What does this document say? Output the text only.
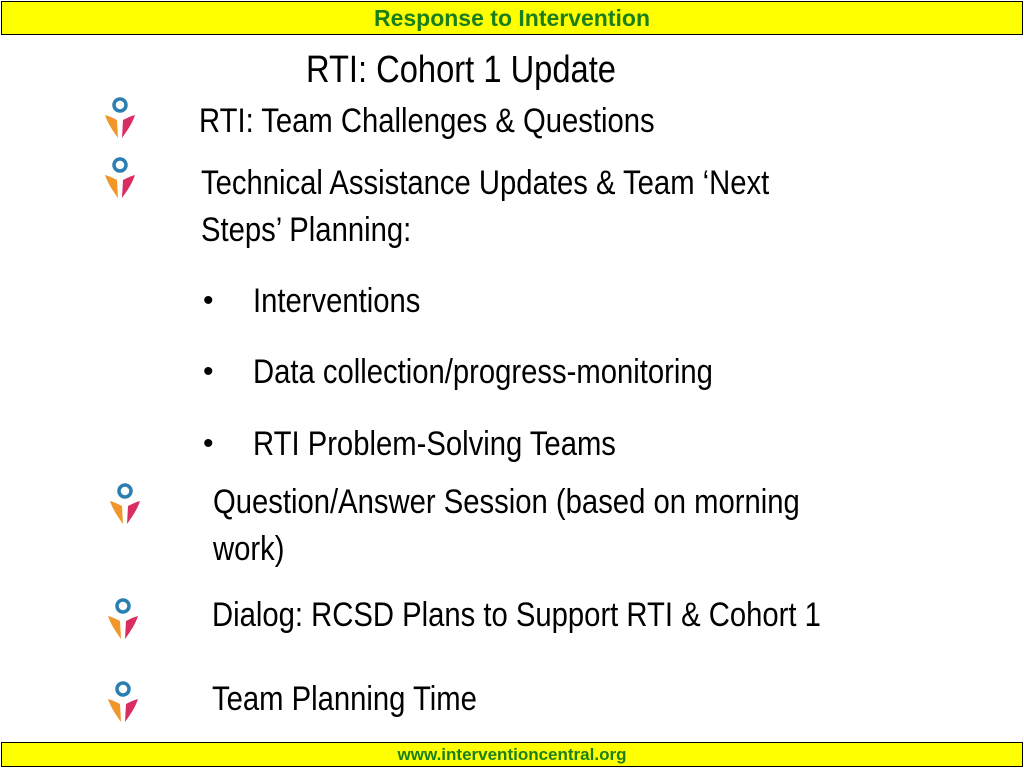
Response to Intervention
RTI: Cohort 1 Update
RTI: Team Challenges & Questions
Technical Assistance Updates & Team ‘Next
Steps’ Planning:
• Interventions
• Data collection/progress-monitoring
• RTI Problem-Solving Teams
Question/Answer Session (based on morning
work)
Dialog: RCSD Plans to Support RTI & Cohort 1
Team Planning Time
www.interventioncentral.org
